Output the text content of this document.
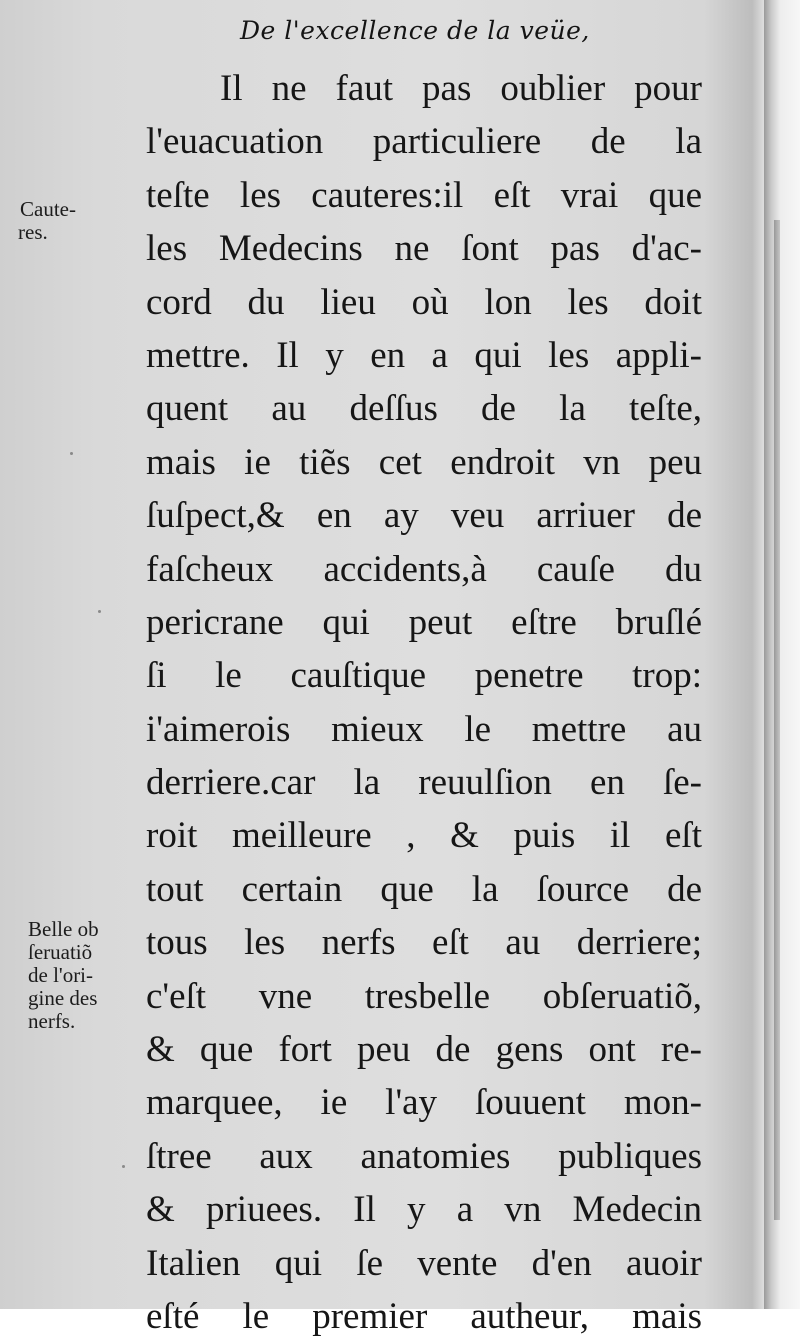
De l'excellence de la veüe,
Caute-
res.
Belle ob
ſeruatiõ
de l'ori-
gine des
nerfs.
Il ne faut pas oublier pour
l'euacuation particuliere de la
teſte les cauteres:il eſt vrai que
les Medecins ne ſont pas d'ac-
cord du lieu où lon les doit
mettre. Il y en a qui les appli-
quent au deſſus de la teſte,
mais ie tiẽs cet endroit vn peu
ſuſpect,& en ay veu arriuer de
faſcheux accidents,à cauſe du
pericrane qui peut eſtre bruſlé
ſi le cauſtique penetre trop:
i'aimerois mieux le mettre au
derriere.car la reuulſion en ſe-
roit meilleure , & puis il eſt
tout certain que la ſource de
tous les nerfs eſt au derriere;
c'eſt vne tresbelle obſeruatiõ,
& que fort peu de gens ont re-
marquee, ie l'ay ſouuent mon-
ſtree aux anatomies publiques
& priuees. Il y a vn Medecin
Italien qui ſe vente d'en auoir
eſté le premier autheur, mais
